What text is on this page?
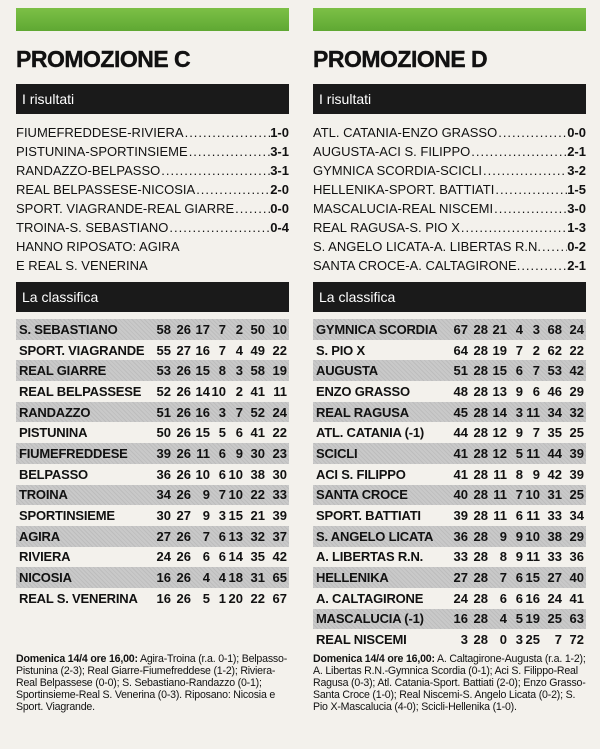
PROMOZIONE C
I risultati
FIUMEFREDDESE-RIVIERA .....	1-0
PISTUNINA-SPORTINSIEME .....	3-1
RANDAZZO-BELPASSO .....	3-1
REAL BELPASSESE-NICOSIA .....	2-0
SPORT. VIAGRANDE-REAL GIARRE .....	0-0
TROINA-S. SEBASTIANO .....	0-4
HANNO RIPOSATO: AGIRA
E REAL S. VENERINA
La classifica
S. SEBASTIANO	58 26 17 7 2 50 10
SPORT. VIAGRANDE 55 27 16 7 4 49 22
REAL GIARRE	53 26 15 8 3 58 19
REAL BELPASSESE	52 26 14 10 2 41 11
RANDAZZO	51 26 16 3 7 52 24
PISTUNINA	50 26 15 5 6 41 22
FIUMEFREDDESE	39 26 11 6 9 30 23
BELPASSO	36 26 10 6 10 38 30
TROINA	34 26 9 7 10 22 33
SPORTINSIEME	30 27 9 3 15 21 39
AGIRA	27 26 7 6 13 32 37
RIVIERA	24 26 6 6 14 35 42
NICOSIA	16 26 4 4 18 31 65
REAL S. VENERINA	16 26 5 1 20 22 67
PROMOZIONE D
I risultati
ATL. CATANIA-ENZO GRASSO .....	0-0
AUGUSTA-ACI S. FILIPPO .....	2-1
GYMNICA SCORDIA-SCICLI .....	3-2
HELLENIKA-SPORT. BATTIATI .....	1-5
MASCALUCIA-REAL NISCEMI .....	3-0
REAL RAGUSA-S. PIO X .....	1-3
S. ANGELO LICATA-A. LIBERTAS R.N. ..... 0-2
SANTA CROCE-A. CALTAGIRONE. .....	2-1
La classifica
GYMNICA SCORDIA	67 28 21 4 3 68 24
S. PIO X	64 28 19 7 2 62 22
AUGUSTA	51 28 15 6 7 53 42
ENZO GRASSO	48 28 13 9 6 46 29
REAL RAGUSA	45 28 14 3 11 34 32
ATL. CATANIA (-1)	44 28 12 9 7 35 25
SCICLI	41 28 12 5 11 44 39
ACI S. FILIPPO	41 28 11 8 9 42 39
SANTA CROCE	40 28 11 7 10 31 25
SPORT. BATTIATI	39 28 11 6 11 33 34
S. ANGELO LICATA	36 28 9 9 10 38 29
A. LIBERTAS R.N.	33 28 8 9 11 33 36
HELLENIKA	27 28 7 6 15 27 40
A. CALTAGIRONE	24 28 6 6 16 24 41
MASCALUCIA (-1)	16 28 4 5 19 25 63
REAL NISCEMI	3 28 0 3 25	7 72
Domenica 14/4 ore 16,00: Agira-Troina (r.a. 0-1); Belpasso-Pistunina (2-3); Real Giarre-Fiumefreddese (1-2); Riviera-Real Belpassese (0-0); S. Sebastiano-Randazzo (0-1); Sportinsieme-Real S. Venerina (0-3). Riposano: Nicosia e Sport. Viagrande.
Domenica 14/4 ore 16,00: A. Caltagirone-Augusta (r.a. 1-2); A. Libertas R.N.-Gymnica Scordia (0-1); Aci S. Filippo-Real Ragusa (0-3); Atl. Catania-Sport. Battiati (2-0); Enzo Grasso-Santa Croce (1-0); Real Niscemi-S. Angelo Licata (0-2); S. Pio X-Mascalucia (4-0); Scicli-Hellenika (1-0).
